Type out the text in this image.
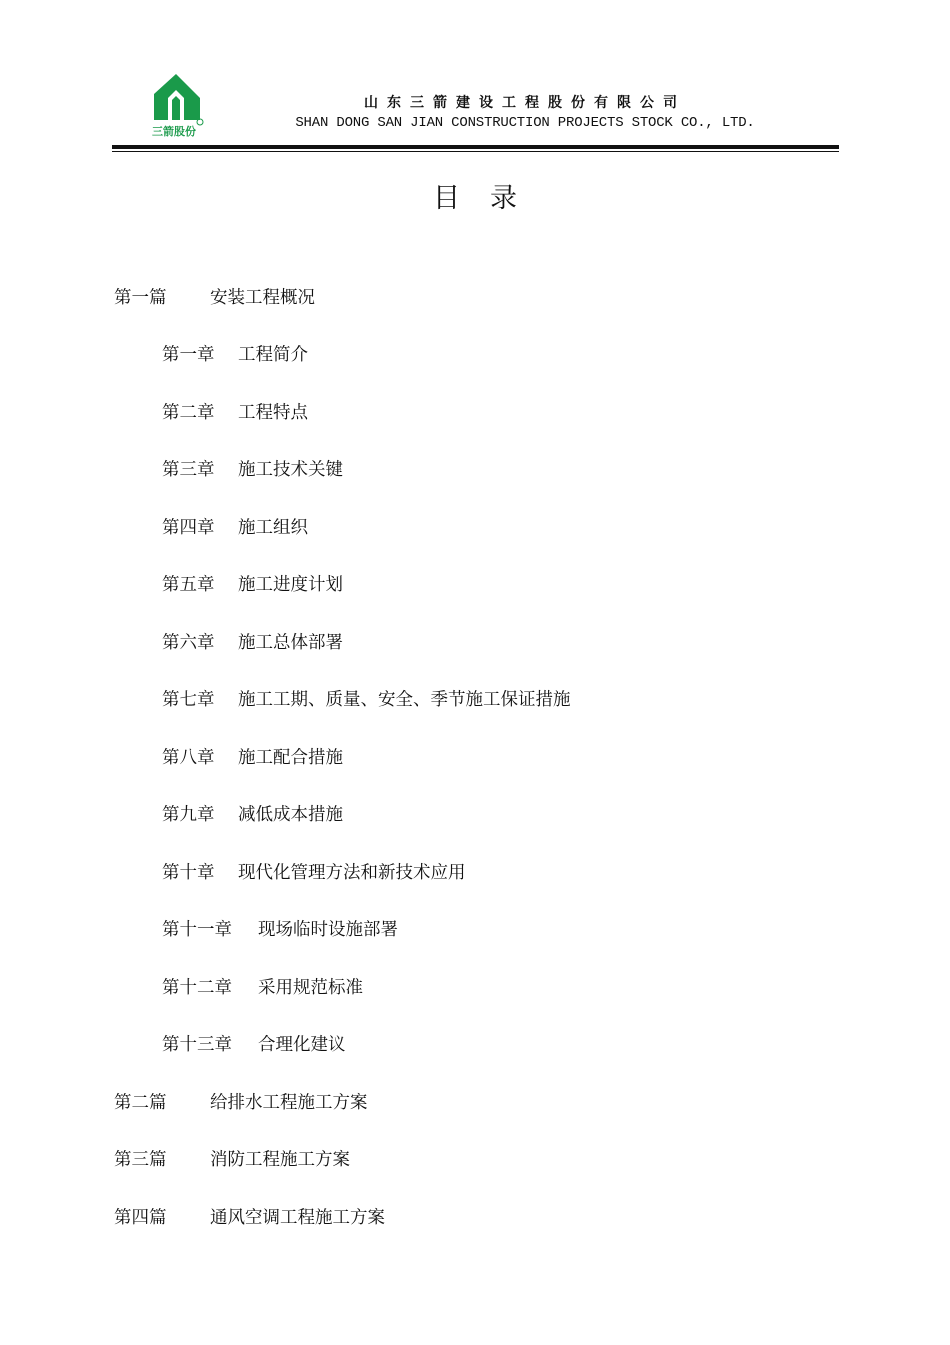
三箭股份
山东三箭建设工程股份有限公司
SHAN DONG SAN JIAN CONSTRUCTION PROJECTS STOCK CO., LTD.
目录
第一篇 安装工程概况
第一章 工程简介
第二章 工程特点
第三章 施工技术关键
第四章 施工组织
第五章 施工进度计划
第六章 施工总体部署
第七章 施工工期、质量、安全、季节施工保证措施
第八章 施工配合措施
第九章 减低成本措施
第十章 现代化管理方法和新技术应用
第十一章 现场临时设施部署
第十二章 采用规范标准
第十三章 合理化建议
第二篇 给排水工程施工方案
第三篇 消防工程施工方案
第四篇 通风空调工程施工方案
